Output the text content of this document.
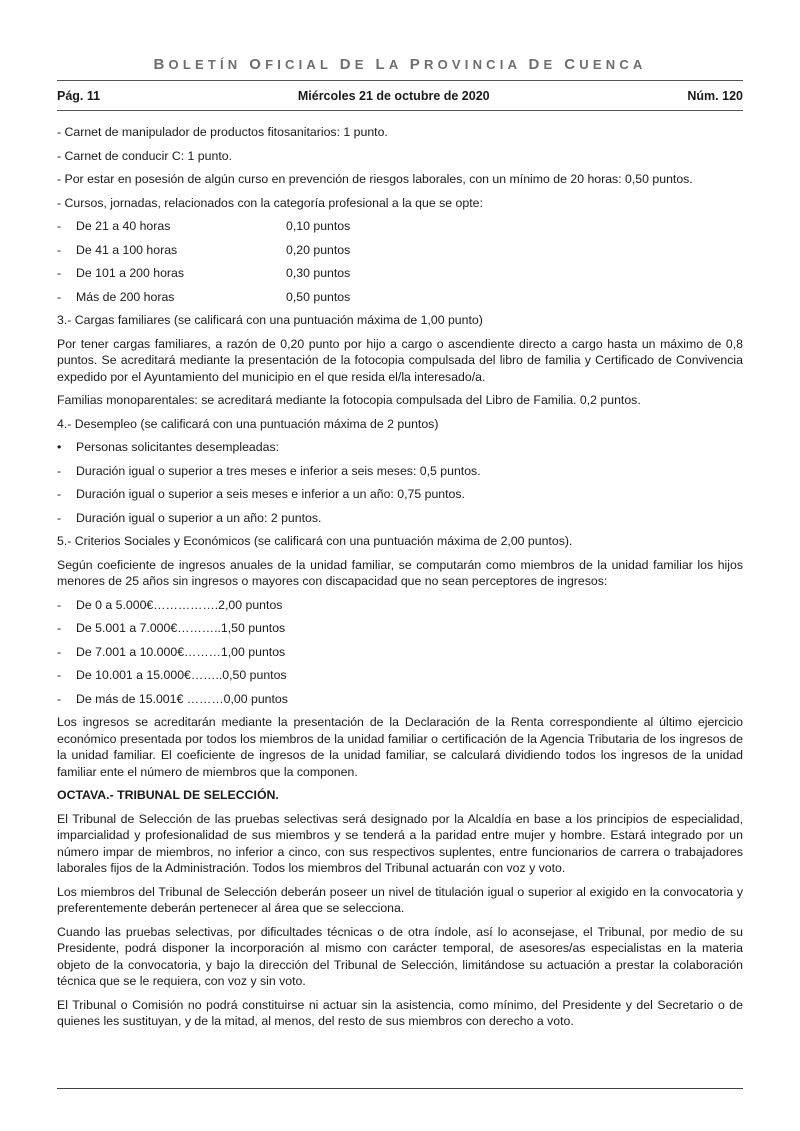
BOLETÍN OFICIAL DE LA PROVINCIA DE CUENCA
Pág. 11	Miércoles 21 de octubre de 2020	Núm. 120

- Carnet de manipulador de productos fitosanitarios: 1 punto.

- Carnet de conducir C: 1 punto.

- Por estar en posesión de algún curso en prevención de riesgos laborales, con un mínimo de 20 horas: 0,50 puntos.

- Cursos, jornadas, relacionados con la categoría profesional a la que se opte:

-	De 21 a 40 horas	0,10 puntos
-	De 41 a 100 horas	0,20 puntos
-	De 101 a 200 horas	0,30 puntos
-	Más de 200 horas	0,50 puntos

3.- Cargas familiares (se calificará con una puntuación máxima de 1,00 punto)

Por tener cargas familiares, a razón de 0,20 punto por hijo a cargo o ascendiente directo a cargo hasta un máximo de 0,8 puntos. Se acreditará mediante la presentación de la fotocopia compulsada del libro de familia y Certificado de Convivencia expedido por el Ayuntamiento del municipio en el que resida el/la interesado/a.

Familias monoparentales: se acreditará mediante la fotocopia compulsada del Libro de Familia. 0,2 puntos.

4.- Desempleo (se calificará con una puntuación máxima de 2 puntos)

•	Personas solicitantes desempleadas:
-	Duración igual o superior a tres meses e inferior a seis meses: 0,5 puntos.
-	Duración igual o superior a seis meses e inferior a un año: 0,75 puntos.
-	Duración igual o superior a un año: 2 puntos.

5.- Criterios Sociales y Económicos (se calificará con una puntuación máxima de 2,00 puntos).

Según coeficiente de ingresos anuales de la unidad familiar, se computarán como miembros de la unidad familiar los hijos menores de 25 años sin ingresos o mayores con discapacidad que no sean perceptores de ingresos:

-	De 0 a 5.000€…………….2,00 puntos
-	De 5.001 a 7.000€………..1,50 puntos
-	De 7.001 a 10.000€………1,00 puntos
-	De 10.001 a 15.000€……..0,50 puntos
-	De más de 15.001€ ………0,00 puntos

Los ingresos se acreditarán mediante la presentación de la Declaración de la Renta correspondiente al último ejercicio económico presentada por todos los miembros de la unidad familiar o certificación de la Agencia Tributaria de los ingresos de la unidad familiar. El coeficiente de ingresos de la unidad familiar, se calculará dividiendo todos los ingresos de la unidad familiar ente el número de miembros que la componen.

OCTAVA.- TRIBUNAL DE SELECCIÓN.

El Tribunal de Selección de las pruebas selectivas será designado por la Alcaldía en base a los principios de especialidad, imparcialidad y profesionalidad de sus miembros y se tenderá a la paridad entre mujer y hombre. Estará integrado por un número impar de miembros, no inferior a cinco, con sus respectivos suplentes, entre funcionarios de carrera o trabajadores laborales fijos de la Administración. Todos los miembros del Tribunal actuarán con voz y voto.

Los miembros del Tribunal de Selección deberán poseer un nivel de titulación igual o superior al exigido en la convocatoria y preferentemente deberán pertenecer al área que se selecciona.

Cuando las pruebas selectivas, por dificultades técnicas o de otra índole, así lo aconsejase, el Tribunal, por medio de su Presidente, podrá disponer la incorporación al mismo con carácter temporal, de asesores/as especialistas en la materia objeto de la convocatoria, y bajo la dirección del Tribunal de Selección, limitándose su actuación a prestar la colaboración técnica que se le requiera, con voz y sin voto.

El Tribunal o Comisión no podrá constituirse ni actuar sin la asistencia, como mínimo, del Presidente y del Secretario o de quienes les sustituyan, y de la mitad, al menos, del resto de sus miembros con derecho a voto.
